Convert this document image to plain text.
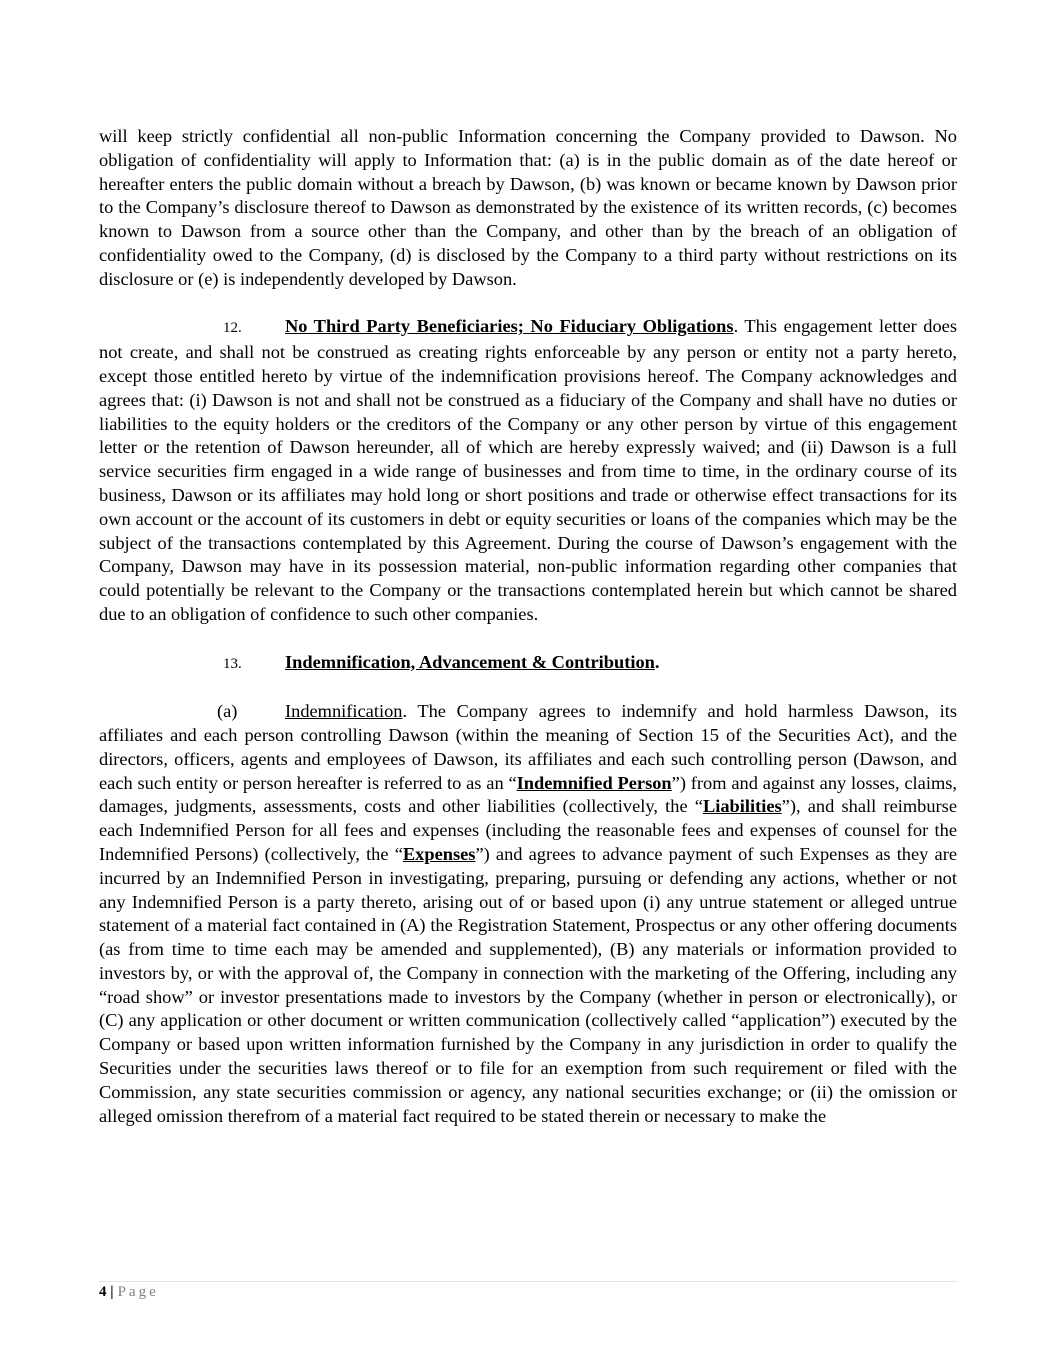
will keep strictly confidential all non-public Information concerning the Company provided to Dawson. No obligation of confidentiality will apply to Information that: (a) is in the public domain as of the date hereof or hereafter enters the public domain without a breach by Dawson, (b) was known or became known by Dawson prior to the Company’s disclosure thereof to Dawson as demonstrated by the existence of its written records, (c) becomes known to Dawson from a source other than the Company, and other than by the breach of an obligation of confidentiality owed to the Company, (d) is disclosed by the Company to a third party without restrictions on its disclosure or (e) is independently developed by Dawson.

12. No Third Party Beneficiaries; No Fiduciary Obligations. This engagement letter does not create, and shall not be construed as creating rights enforceable by any person or entity not a party hereto, except those entitled hereto by virtue of the indemnification provisions hereof. The Company acknowledges and agrees that: (i) Dawson is not and shall not be construed as a fiduciary of the Company and shall have no duties or liabilities to the equity holders or the creditors of the Company or any other person by virtue of this engagement letter or the retention of Dawson hereunder, all of which are hereby expressly waived; and (ii) Dawson is a full service securities firm engaged in a wide range of businesses and from time to time, in the ordinary course of its business, Dawson or its affiliates may hold long or short positions and trade or otherwise effect transactions for its own account or the account of its customers in debt or equity securities or loans of the companies which may be the subject of the transactions contemplated by this Agreement. During the course of Dawson’s engagement with the Company, Dawson may have in its possession material, non-public information regarding other companies that could potentially be relevant to the Company or the transactions contemplated herein but which cannot be shared due to an obligation of confidence to such other companies.

13. Indemnification, Advancement & Contribution.

(a)	Indemnification. The Company agrees to indemnify and hold harmless Dawson, its affiliates and each person controlling Dawson (within the meaning of Section 15 of the Securities Act), and the directors, officers, agents and employees of Dawson, its affiliates and each such controlling person (Dawson, and each such entity or person hereafter is referred to as an “Indemnified Person”) from and against any losses, claims, damages, judgments, assessments, costs and other liabilities (collectively, the “Liabilities”), and shall reimburse each Indemnified Person for all fees and expenses (including the reasonable fees and expenses of counsel for the Indemnified Persons) (collectively, the “Expenses”) and agrees to advance payment of such Expenses as they are incurred by an Indemnified Person in investigating, preparing, pursuing or defending any actions, whether or not any Indemnified Person is a party thereto, arising out of or based upon (i) any untrue statement or alleged untrue statement of a material fact contained in (A) the Registration Statement, Prospectus or any other offering documents (as from time to time each may be amended and supplemented), (B) any materials or information provided to investors by, or with the approval of, the Company in connection with the marketing of the Offering, including any “road show” or investor presentations made to investors by the Company (whether in person or electronically), or (C) any application or other document or written communication (collectively called “application”) executed by the Company or based upon written information furnished by the Company in any jurisdiction in order to qualify the Securities under the securities laws thereof or to file for an exemption from such requirement or filed with the Commission, any state securities commission or agency, any national securities exchange; or (ii) the omission or alleged omission therefrom of a material fact required to be stated therein or necessary to make the

4 | Page
